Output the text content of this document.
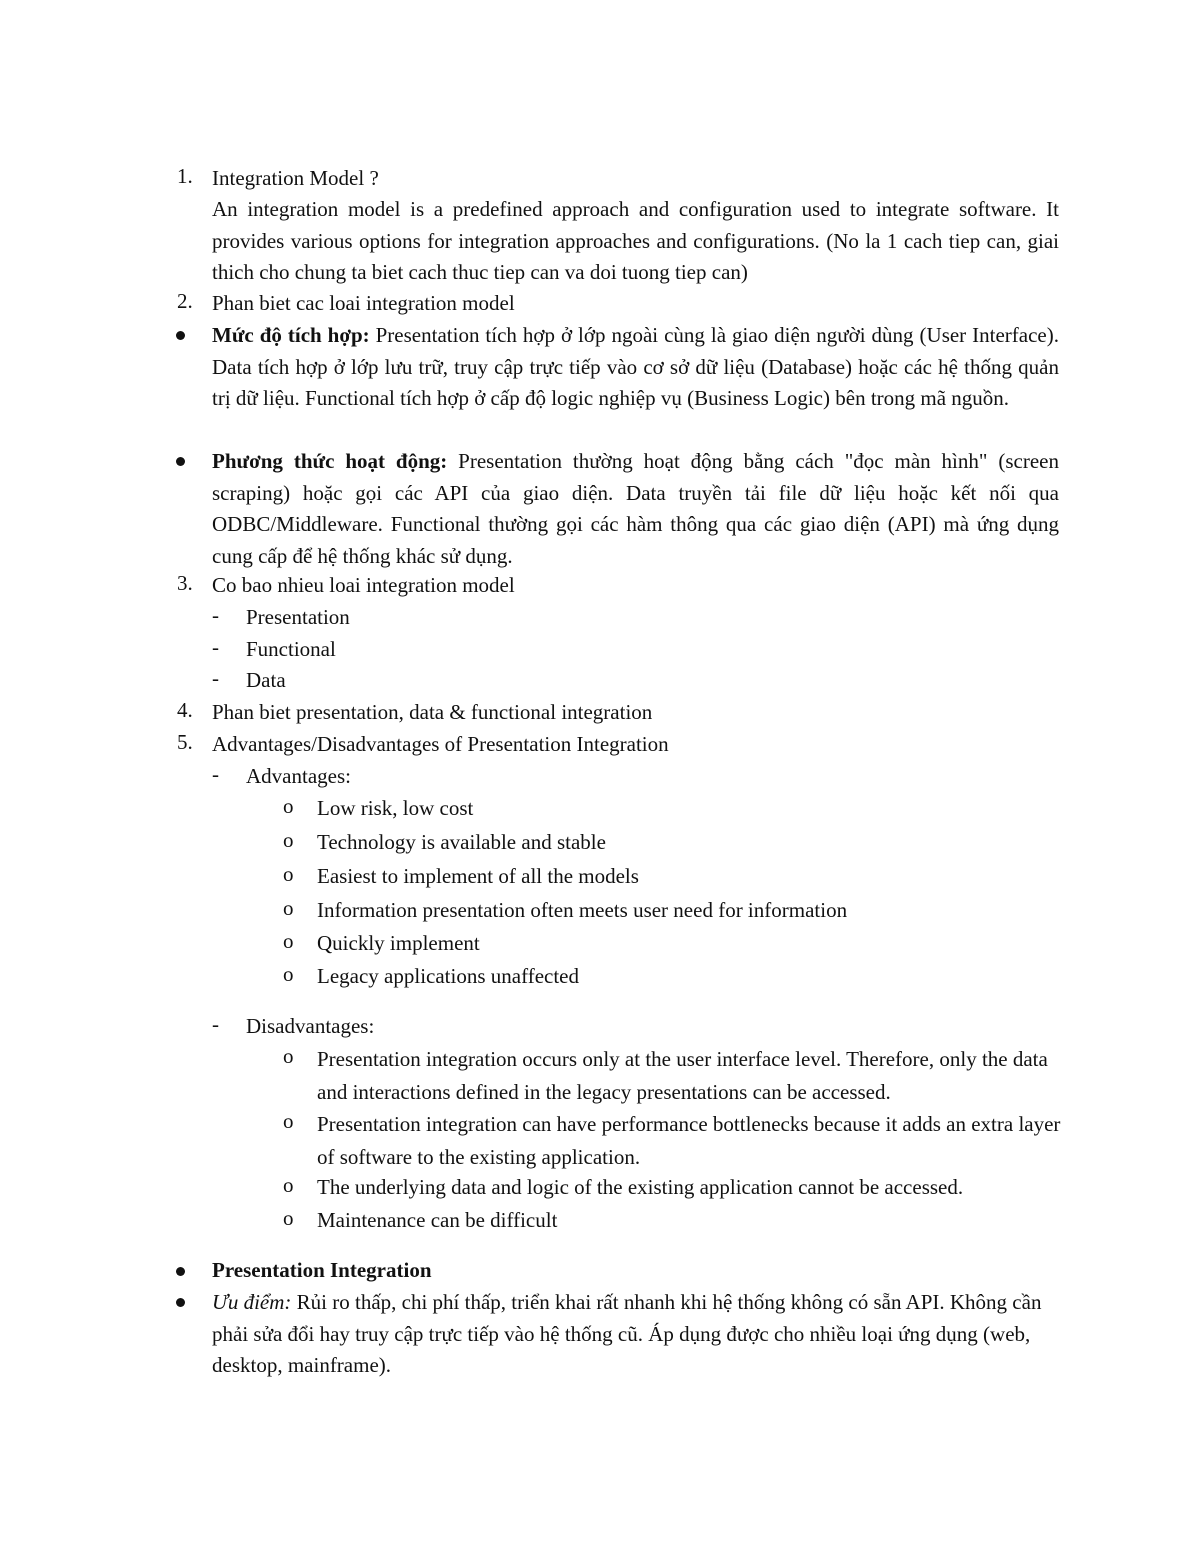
1. Integration Model ?
An integration model is a predefined approach and configuration used to integrate software. It provides various options for integration approaches and configurations. (No la 1 cach tiep can, giai thich cho chung ta biet cach thuc tiep can va doi tuong tiep can)
2. Phan biet cac loai integration model
Mức độ tích hợp: Presentation tích hợp ở lớp ngoài cùng là giao diện người dùng (User Interface). Data tích hợp ở lớp lưu trữ, truy cập trực tiếp vào cơ sở dữ liệu (Database) hoặc các hệ thống quản trị dữ liệu. Functional tích hợp ở cấp độ logic nghiệp vụ (Business Logic) bên trong mã nguồn.
Phương thức hoạt động: Presentation thường hoạt động bằng cách "đọc màn hình" (screen scraping) hoặc gọi các API của giao diện. Data truyền tải file dữ liệu hoặc kết nối qua ODBC/Middleware. Functional thường gọi các hàm thông qua các giao diện (API) mà ứng dụng cung cấp để hệ thống khác sử dụng.
3. Co bao nhieu loai integration model
- Presentation
- Functional
- Data
4. Phan biet presentation, data & functional integration
5. Advantages/Disadvantages of Presentation Integration
- Advantages:
o Low risk, low cost
o Technology is available and stable
o Easiest to implement of all the models
o Information presentation often meets user need for information
o Quickly implement
o Legacy applications unaffected
- Disadvantages:
o Presentation integration occurs only at the user interface level. Therefore, only the data and interactions defined in the legacy presentations can be accessed.
o Presentation integration can have performance bottlenecks because it adds an extra layer of software to the existing application.
o The underlying data and logic of the existing application cannot be accessed.
o Maintenance can be difficult
Presentation Integration
Ưu điểm: Rủi ro thấp, chi phí thấp, triển khai rất nhanh khi hệ thống không có sẵn API. Không cần phải sửa đổi hay truy cập trực tiếp vào hệ thống cũ. Áp dụng được cho nhiều loại ứng dụng (web, desktop, mainframe).
